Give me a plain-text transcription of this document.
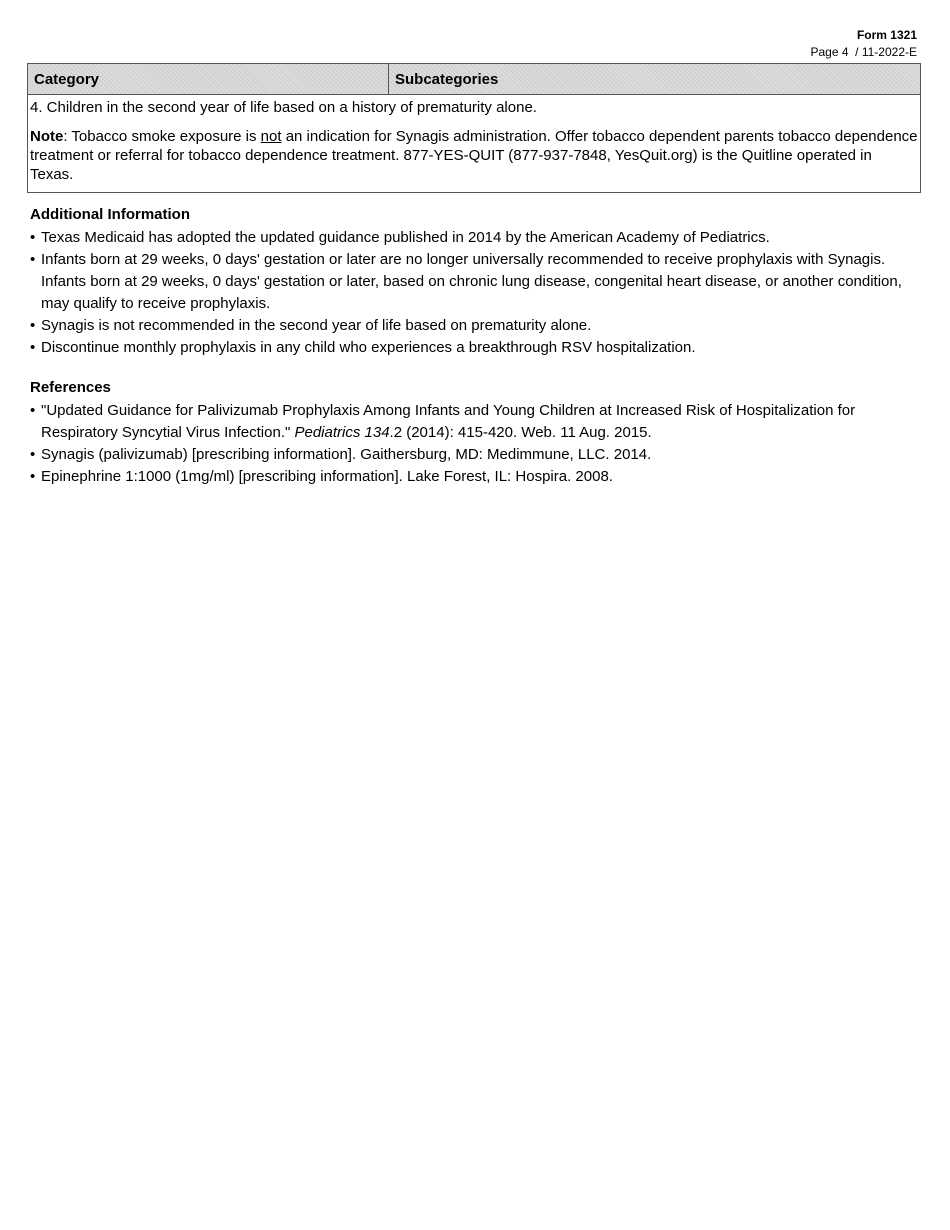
Form 1321
Page 4  / 11-2022-E
Category	Subcategories

4. Children in the second year of life based on a history of prematurity alone.

Note: Tobacco smoke exposure is not an indication for Synagis administration. Offer tobacco dependent parents tobacco dependence treatment or referral for tobacco dependence treatment. 877-YES-QUIT (877-937-7848, YesQuit.org) is the Quitline operated in Texas.

Additional Information
• Texas Medicaid has adopted the updated guidance published in 2014 by the American Academy of Pediatrics.
• Infants born at 29 weeks, 0 days' gestation or later are no longer universally recommended to receive prophylaxis with Synagis. Infants born at 29 weeks, 0 days' gestation or later, based on chronic lung disease, congenital heart disease, or another condition, may qualify to receive prophylaxis.
• Synagis is not recommended in the second year of life based on prematurity alone.
• Discontinue monthly prophylaxis in any child who experiences a breakthrough RSV hospitalization.
References
• "Updated Guidance for Palivizumab Prophylaxis Among Infants and Young Children at Increased Risk of Hospitalization for Respiratory Syncytial Virus Infection." Pediatrics 134.2 (2014): 415-420. Web. 11 Aug. 2015.
• Synagis (palivizumab) [prescribing information]. Gaithersburg, MD: Medimmune, LLC. 2014.
• Epinephrine 1:1000 (1mg/ml) [prescribing information]. Lake Forest, IL: Hospira. 2008.
